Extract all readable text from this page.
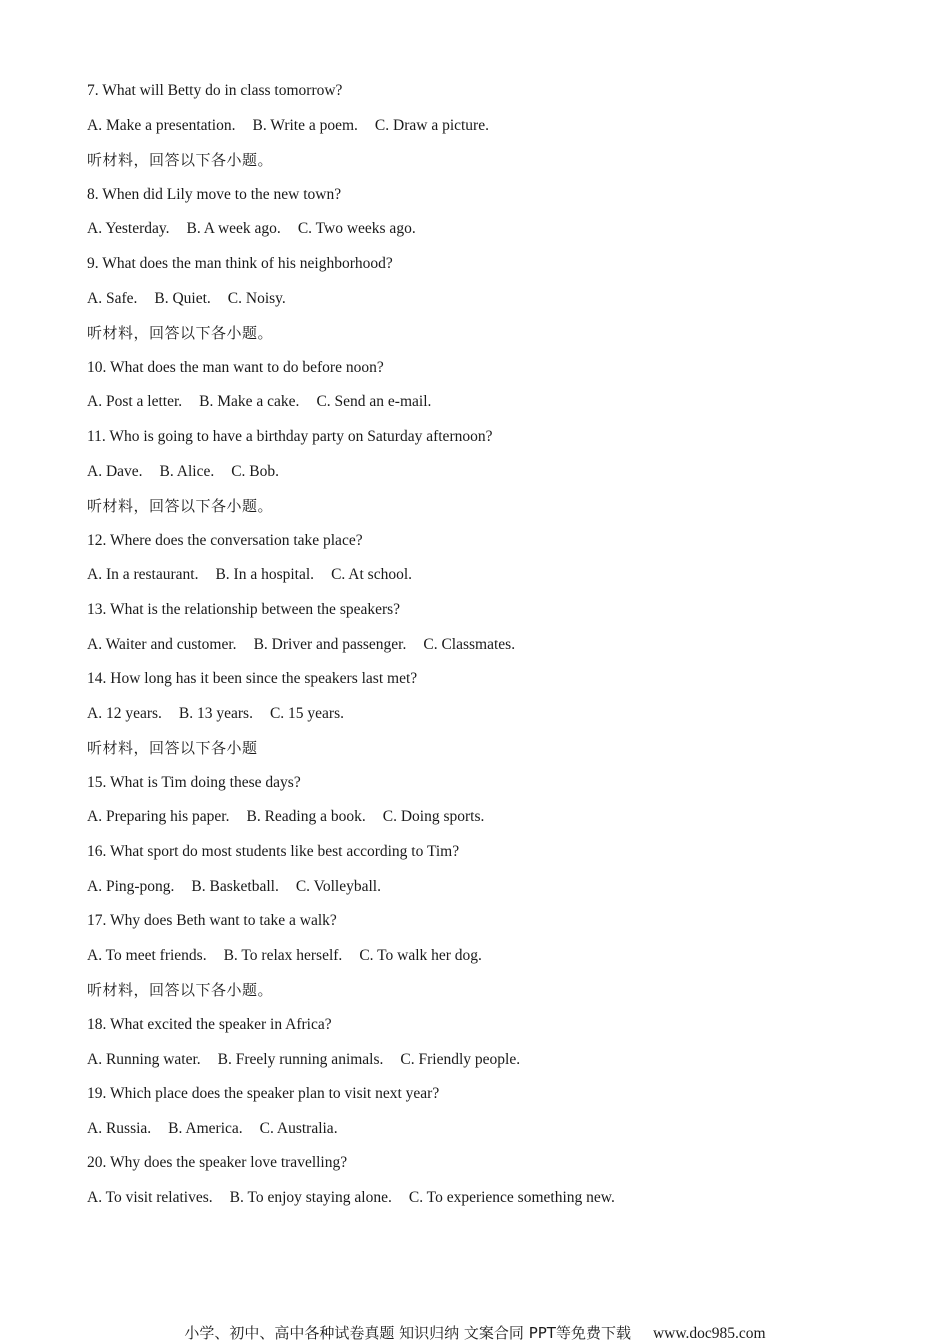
7. What will Betty do in class tomorrow?
A. Make a presentation. B. Write a poem. C. Draw a picture.
听材料，回答以下各小题。
8. When did Lily move to the new town?
A. Yesterday. B. A week ago. C. Two weeks ago.
9. What does the man think of his neighborhood?
A. Safe. B. Quiet. C. Noisy.
听材料，回答以下各小题。
10. What does the man want to do before noon?
A. Post a letter. B. Make a cake. C. Send an e-mail.
11. Who is going to have a birthday party on Saturday afternoon?
A. Dave. B. Alice. C. Bob.
听材料，回答以下各小题。
12. Where does the conversation take place?
A. In a restaurant. B. In a hospital. C. At school.
13. What is the relationship between the speakers?
A. Waiter and customer. B. Driver and passenger. C. Classmates.
14. How long has it been since the speakers last met?
A. 12 years. B. 13 years. C. 15 years.
听材料，回答以下各小题
15. What is Tim doing these days?
A. Preparing his paper. B. Reading a book. C. Doing sports.
16. What sport do most students like best according to Tim?
A. Ping-pong. B. Basketball. C. Volleyball.
17. Why does Beth want to take a walk?
A. To meet friends. B. To relax herself. C. To walk her dog.
听材料，回答以下各小题。
18. What excited the speaker in Africa?
A. Running water. B. Freely running animals. C. Friendly people.
19. Which place does the speaker plan to visit next year?
A. Russia. B. America. C. Australia.
20. Why does the speaker love travelling?
A. To visit relatives. B. To enjoy staying alone. C. To experience something new.
小学、初中、高中各种试卷真题 知识归纳 文案合同 PPT等免费下载 www.doc985.com
